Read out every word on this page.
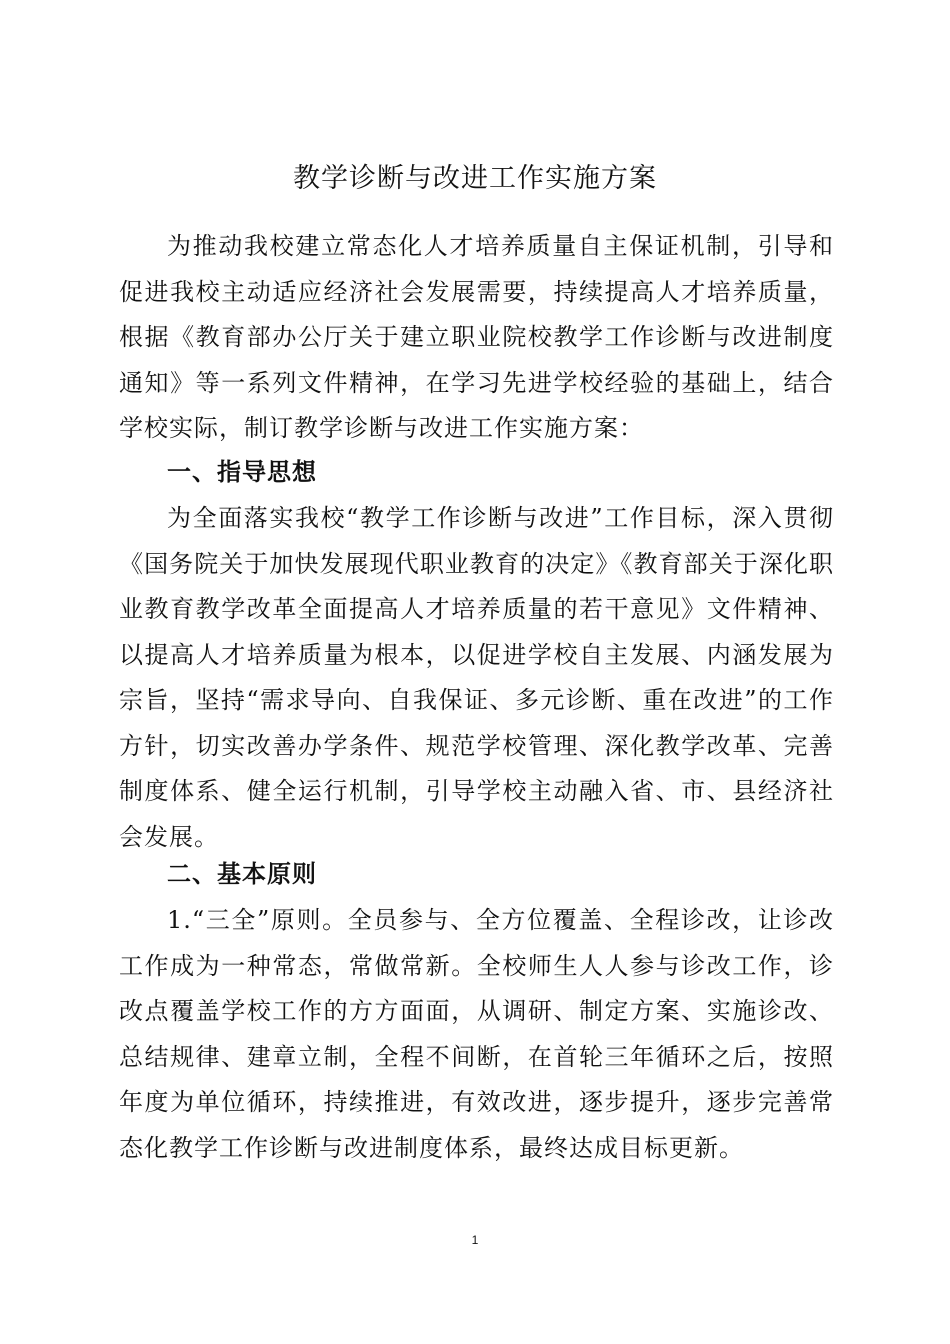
教学诊断与改进工作实施方案

为推动我校建立常态化人才培养质量自主保证机制，引导和促进我校主动适应经济社会发展需要，持续提高人才培养质量，根据《教育部办公厅关于建立职业院校教学工作诊断与改进制度通知》等一系列文件精神，在学习先进学校经验的基础上，结合学校实际，制订教学诊断与改进工作实施方案：

一、指导思想

为全面落实我校“教学工作诊断与改进”工作目标，深入贯彻《国务院关于加快发展现代职业教育的决定》《教育部关于深化职业教育教学改革全面提高人才培养质量的若干意见》文件精神、以提高人才培养质量为根本，以促进学校自主发展、内涵发展为宗旨，坚持“需求导向、自我保证、多元诊断、重在改进”的工作方针，切实改善办学条件、规范学校管理、深化教学改革、完善制度体系、健全运行机制，引导学校主动融入省、市、县经济社会发展。

二、基本原则

1.“三全”原则。全员参与、全方位覆盖、全程诊改，让诊改工作成为一种常态，常做常新。全校师生人人参与诊改工作，诊改点覆盖学校工作的方方面面，从调研、制定方案、实施诊改、总结规律、建章立制，全程不间断，在首轮三年循环之后，按照年度为单位循环，持续推进，有效改进，逐步提升，逐步完善常态化教学工作诊断与改进制度体系，最终达成目标更新。

1
